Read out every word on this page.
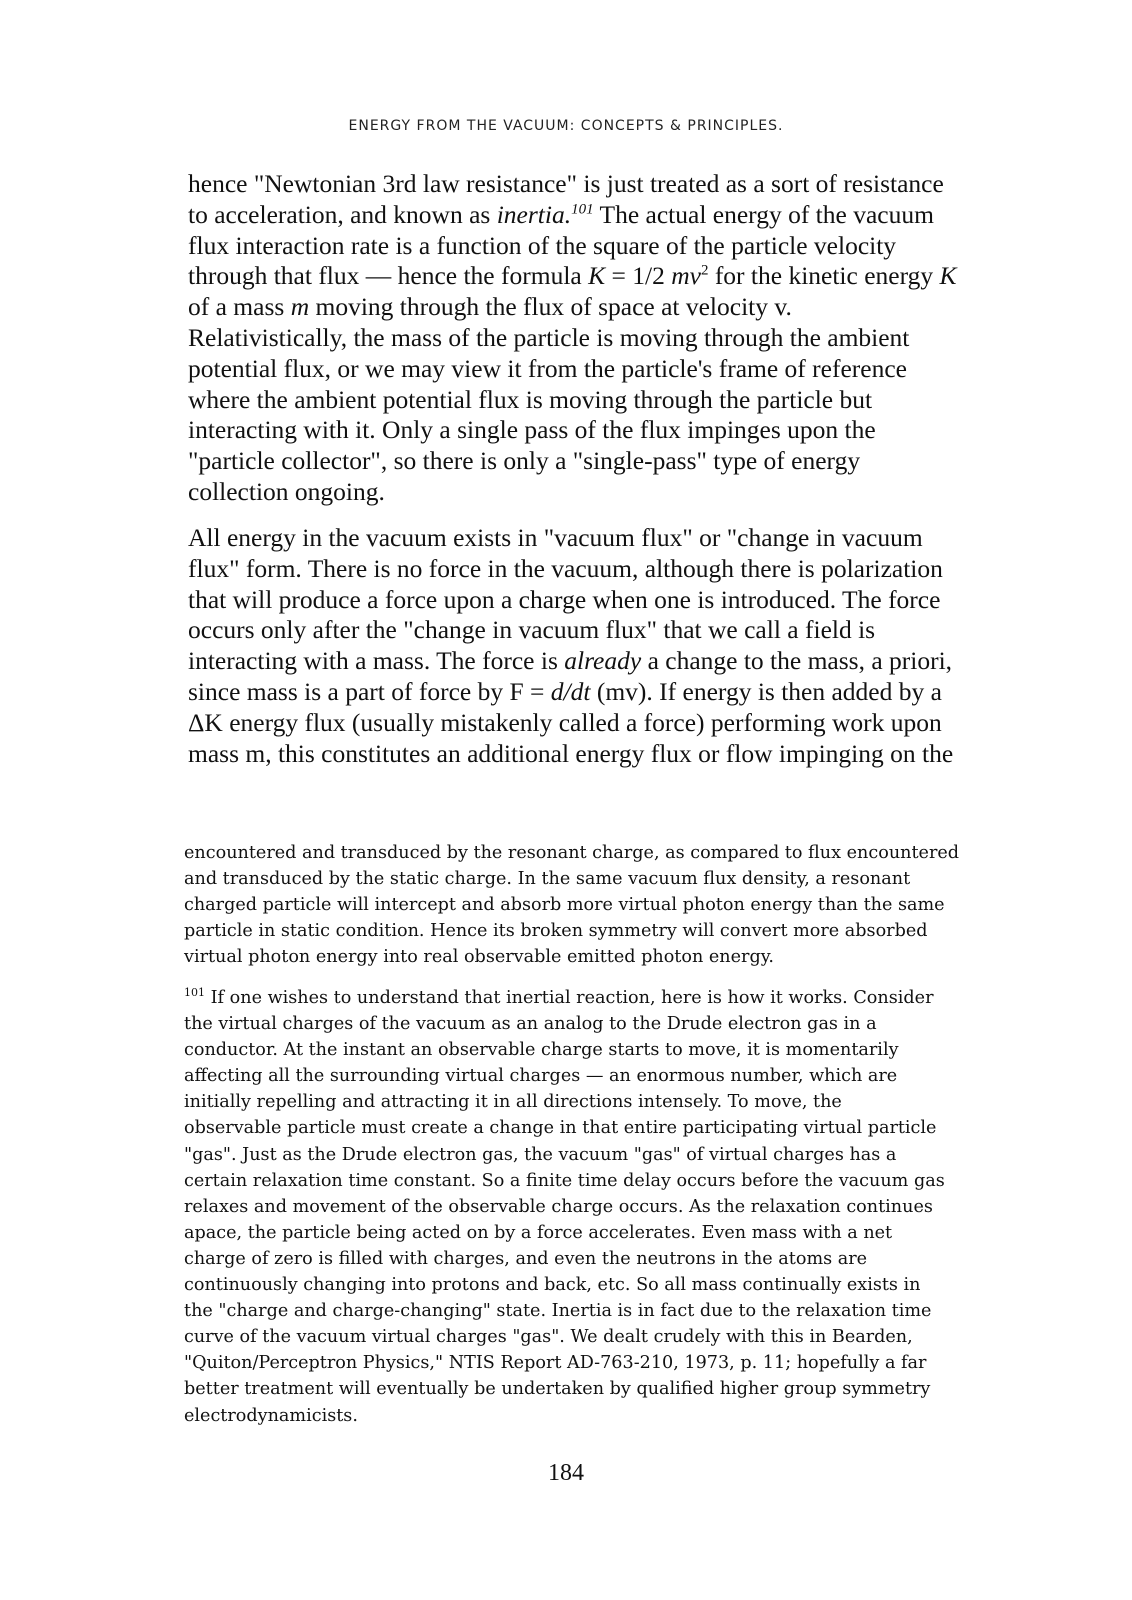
ENERGY FROM THE VACUUM: CONCEPTS & PRINCIPLES.
hence "Newtonian 3rd law resistance" is just treated as a sort of resistance
to acceleration, and known as inertia.$^{101}$ The actual energy of the vacuum
flux interaction rate is a function of the square of the particle velocity
through that flux — hence the formula K = 1/2 $mv^2$ for the kinetic energy K
of a mass m moving through the flux of space at velocity v.
Relativistically, the mass of the particle is moving through the ambient
potential flux, or we may view it from the particle's frame of reference
where the ambient potential flux is moving through the particle but
interacting with it. Only a single pass of the flux impinges upon the
"particle collector", so there is only a "single-pass" type of energy
collection ongoing.
All energy in the vacuum exists in "vacuum flux" or "change in vacuum
flux" form. There is no force in the vacuum, although there is polarization
that will produce a force upon a charge when one is introduced. The force
occurs only after the "change in vacuum flux" that we call a field is
interacting with a mass. The force is already a change to the mass, a priori,
since mass is a part of force by F = d/dt (mv). If energy is then added by a
ΔK energy flux (usually mistakenly called a force) performing work upon
mass m, this constitutes an additional energy flux or flow impinging on the
encountered and transduced by the resonant charge, as compared to flux encountered
and transduced by the static charge. In the same vacuum flux density, a resonant
charged particle will intercept and absorb more virtual photon energy than the same
particle in static condition. Hence its broken symmetry will convert more absorbed
virtual photon energy into real observable emitted photon energy.
$^{101}$ If one wishes to understand that inertial reaction, here is how it works. Consider
the virtual charges of the vacuum as an analog to the Drude electron gas in a
conductor. At the instant an observable charge starts to move, it is momentarily
affecting all the surrounding virtual charges — an enormous number, which are
initially repelling and attracting it in all directions intensely. To move, the
observable particle must create a change in that entire participating virtual particle
"gas". Just as the Drude electron gas, the vacuum "gas" of virtual charges has a
certain relaxation time constant. So a finite time delay occurs before the vacuum gas
relaxes and movement of the observable charge occurs. As the relaxation continues
apace, the particle being acted on by a force accelerates. Even mass with a net
charge of zero is filled with charges, and even the neutrons in the atoms are
continuously changing into protons and back, etc. So all mass continually exists in
the "charge and charge-changing" state. Inertia is in fact due to the relaxation time
curve of the vacuum virtual charges "gas". We dealt crudely with this in Bearden,
"Quiton/Perceptron Physics," NTIS Report AD-763-210, 1973, p. 11; hopefully a far
better treatment will eventually be undertaken by qualified higher group symmetry
electrodynamicists.
184
